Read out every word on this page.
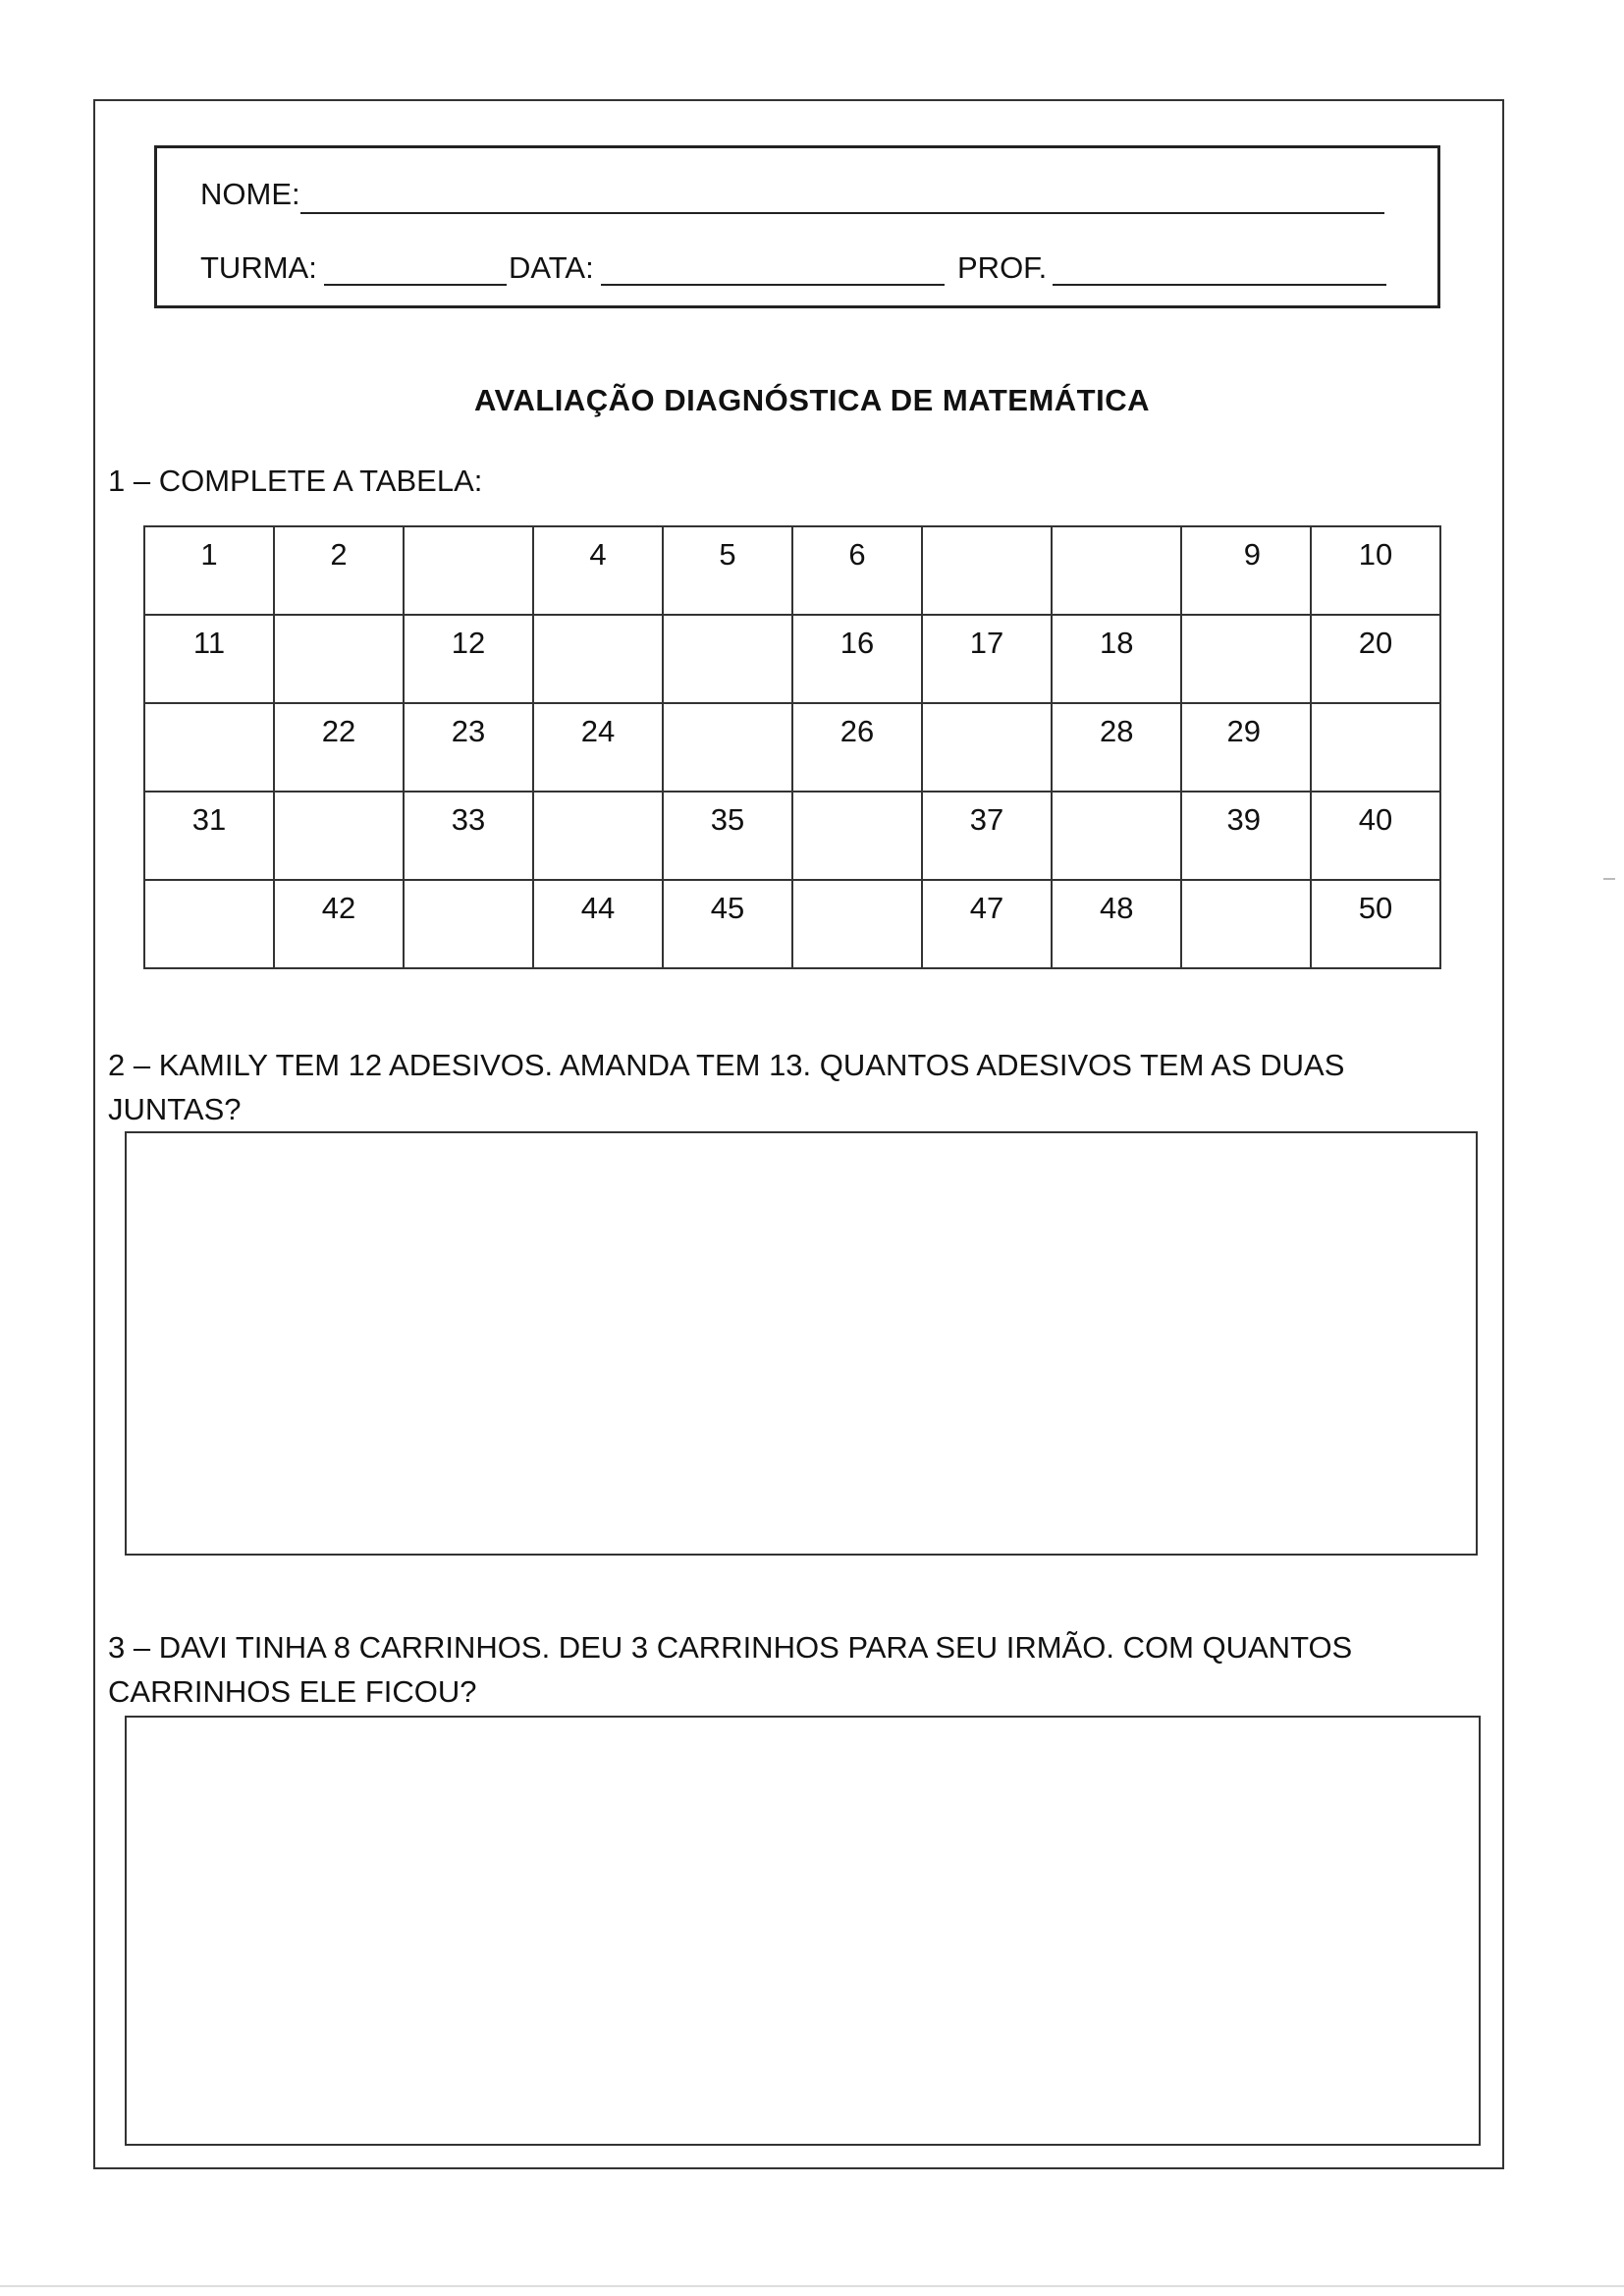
NOME:
TURMA:	DATA:	PROF.
AVALIAÇÃO DIAGNÓSTICA DE MATEMÁTICA
1 – COMPLETE A TABELA:
1	2		4	5	6			9	10
11		12			16	17	18		20
	22	23	24		26		28	29	
31		33		35		37		39	40
	42		44	45		47	48		50
2 – KAMILY TEM 12 ADESIVOS. AMANDA TEM 13. QUANTOS ADESIVOS TEM AS DUAS
JUNTAS?
3 – DAVI TINHA 8 CARRINHOS. DEU 3 CARRINHOS PARA SEU IRMÃO. COM QUANTOS
CARRINHOS ELE FICOU?
